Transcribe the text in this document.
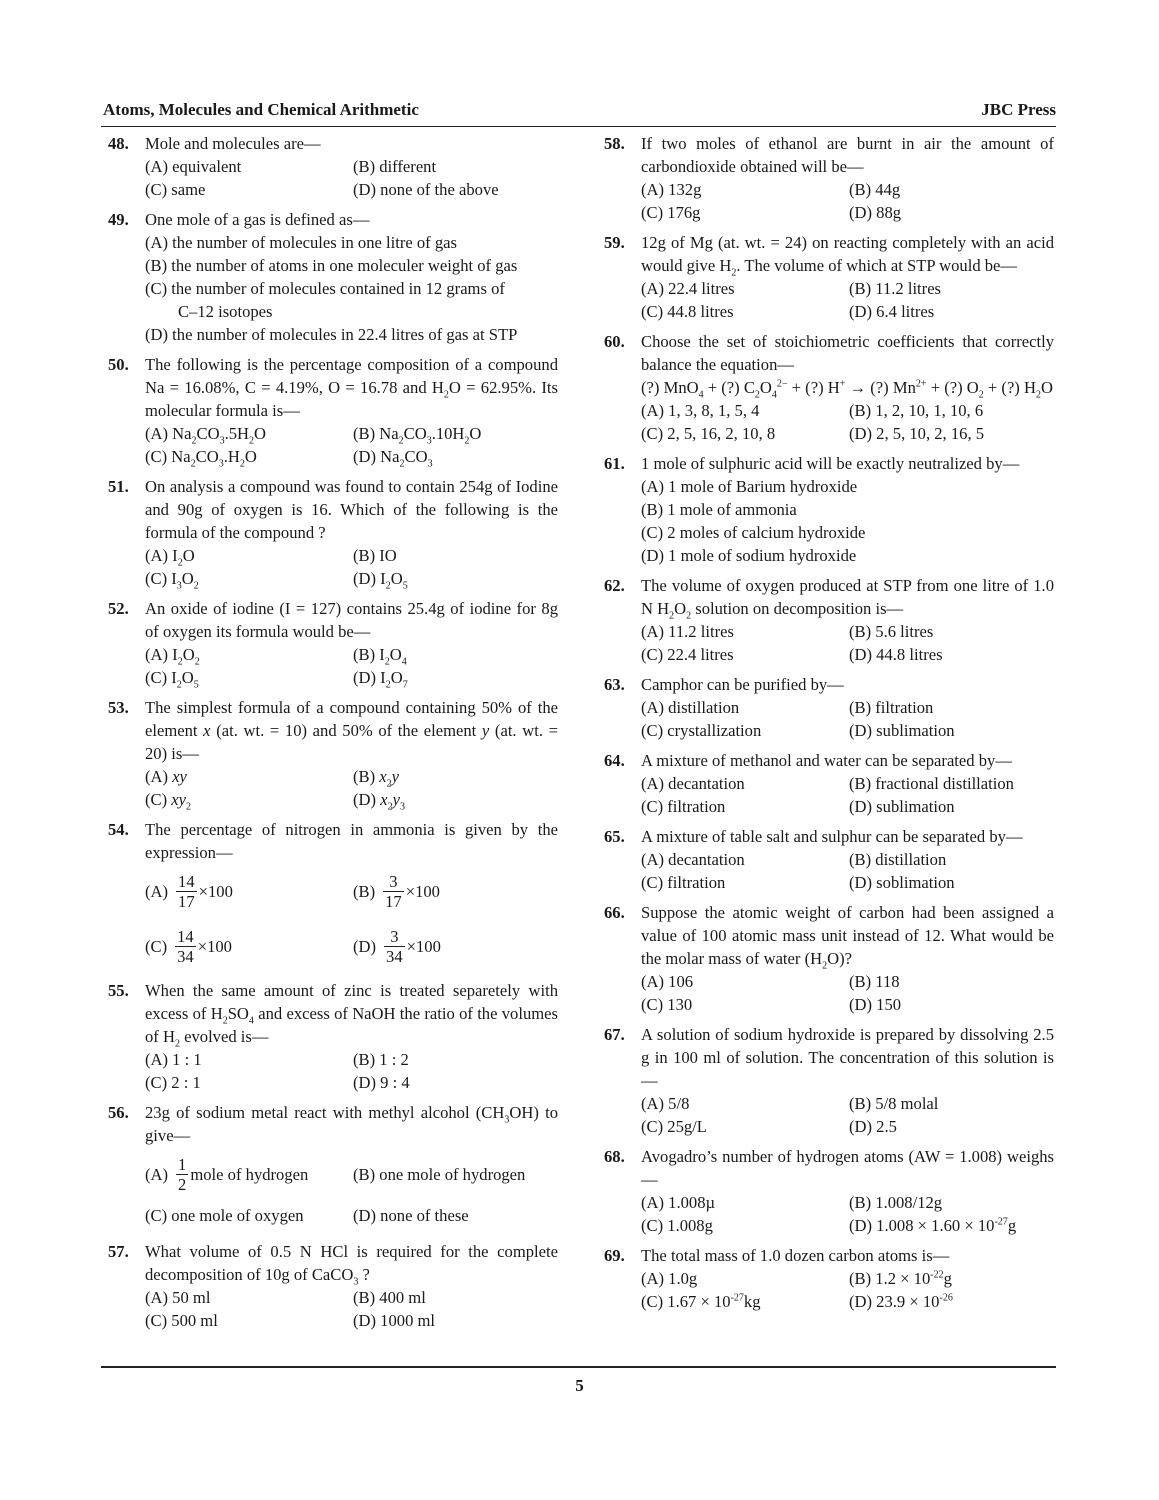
Atoms, Molecules and Chemical Arithmetic	JBC Press
48. Mole and molecules are—
(A) equivalent	(B) different
(C) same	(D) none of the above
49. One mole of a gas is defined as—
(A) the number of molecules in one litre of gas
(B) the number of atoms in one moleculer weight of gas
(C) the number of molecules contained in 12 grams of
C–12 isotopes
(D) the number of molecules in 22.4 litres of gas at STP
50. The following is the percentage composition of a compound Na = 16.08%, C = 4.19%, O = 16.78 and $H_2O = 62.95\%$. Its molecular formula is—
(A) $Na_2CO_3.5H_2O$	(B) $Na_2CO_3.10H_2O$
(C) $Na_2CO_3.H_2O$	(D) $Na_2CO_3$
51. On analysis a compound was found to contain 254g of Iodine and 90g of oxygen is 16. Which of the following is the formula of the compound ?
(A) $I_2O$	(B) IO
(C) $I_3O_2$	(D) $I_2O_5$
52. An oxide of iodine (I = 127) contains 25.4g of iodine for 8g of oxygen its formula would be—
(A) $I_2O_2$	(B) $I_2O_4$
(C) $I_2O_5$	(D) $I_2O_7$
53. The simplest formula of a compound containing 50% of the element x (at. wt. = 10) and 50% of the element y (at. wt. = 20) is—
(A) xy	(B) $x_2y$
(C) $xy_2$	(D) $x_2y_3$
54. The percentage of nitrogen in ammonia is given by the expression—
$(A) \frac{14}{17} \times 100$	$(B) \frac{3}{17} \times 100$
$(C) \frac{14}{34} \times 100$	$(D) \frac{3}{34} \times 100$
55. When the same amount of zinc is treated separetely with excess of $H_2SO_4$ and excess of NaOH the ratio of the volumes of $H_2$ evolved is—
(A) 1 : 1	(B) 1 : 2
(C) 2 : 1	(D) 9 : 4
56. 23g of sodium metal react with methyl alcohol $(CH_3OH)$ to give—
$(A) \frac{1}{2}$ mole of hydrogen	(B) one mole of hydrogen
(C) one mole of oxygen	(D) none of these
57. What volume of 0.5 N HCl is required for the complete decomposition of 10g of CaCO$_3$ ?
(A) 50 ml	(B) 400 ml
(C) 500 ml	(D) 1000 ml
58. If two moles of ethanol are burnt in air the amount of carbondioxide obtained will be—
(A) 132g	(B) 44g
(C) 176g	(D) 88g
59. 12g of Mg (at. wt. = 24) on reacting completely with an acid would give $H_2$. The volume of which at STP would be—
(A) 22.4 litres	(B) 11.2 litres
(C) 44.8 litres	(D) 6.4 litres
60. Choose the set of stoichiometric coefficients that correctly balance the equation—
(?) MnO$_4$ + (?) $C_2O_4^{2-}$ + (?) H+ → (?) $Mn^{2+}$ + (?) $O_2$ + (?) $H_2O$
(A) 1, 3, 8, 1, 5, 4	(B) 1, 2, 10, 1, 10, 6
(C) 2, 5, 16, 2, 10, 8	(D) 2, 5, 10, 2, 16, 5
61. 1 mole of sulphuric acid will be exactly neutralized by—
(A) 1 mole of Barium hydroxide
(B) 1 mole of ammonia
(C) 2 moles of calcium hydroxide
(D) 1 mole of sodium hydroxide
62. The volume of oxygen produced at STP from one litre of 1.0 N $H_2O_2$ solution on decomposition is—
(A) 11.2 litres	(B) 5.6 litres
(C) 22.4 litres	(D) 44.8 litres
63. Camphor can be purified by—
(A) distillation	(B) filtration
(C) crystallization	(D) sublimation
64. A mixture of methanol and water can be separated by—
(A) decantation	(B) fractional distillation
(C) filtration	(D) sublimation
65. A mixture of table salt and sulphur can be separated by—
(A) decantation	(B) distillation
(C) filtration	(D) soblimation
66. Suppose the atomic weight of carbon had been assigned a value of 100 atomic mass unit instead of 12. What would be the molar mass of water $(H_2O)$?
(A) 106	(B) 118
(C) 130	(D) 150
67. A solution of sodium hydroxide is prepared by dissolving 2.5 g in 100 ml of solution. The concentration of this solution is—
(A) 5/8	(B) 5/8 molal
(C) 25g/L	(D) 2.5
68. Avogadro’s number of hydrogen atoms (AW = 1.008) weighs—
(A) 1.008µ	(B) 1.008/12g
(C) 1.008g	(D) $1.008 \times 1.60 \times 10^{-27}g$
69. The total mass of 1.0 dozen carbon atoms is—
(A) 1.0g	(B) $1.2 \times 10^{-22}g$
(C) $1.67 \times 10^{-27}kg$	(D) $23.9 \times 10^{-26}$
5
